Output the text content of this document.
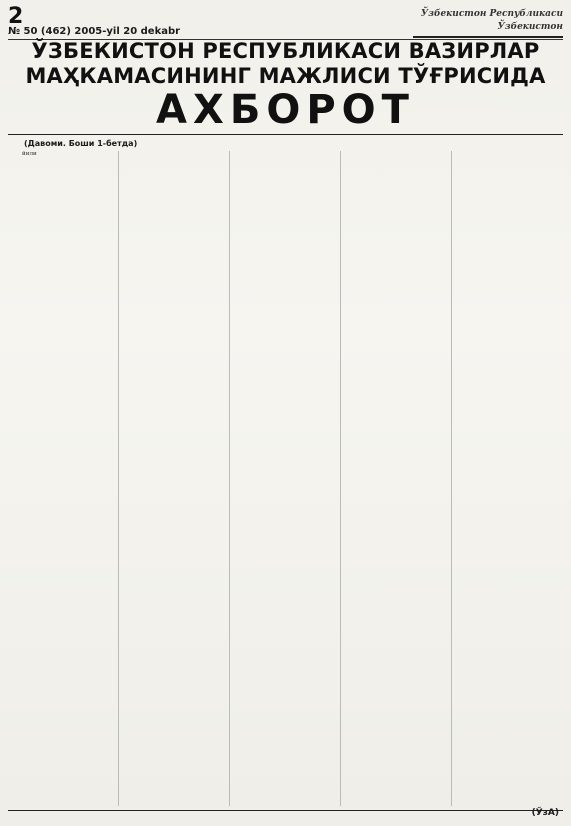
2
№ 50 (462) 2005-yil 20 dekabr
Ўзбекистон Республикаси
Ўзбекистон
ЎЗБЕКИСТОН РЕСПУБЛИКАСИ ВАЗИРЛАР
МАҲКАМАСИНИНГ МАЖЛИСИ ТЎҒРИСИДА
АХБОРОТ
(Давоми. Боши 1-бетда)

йили

(ЎзА)
